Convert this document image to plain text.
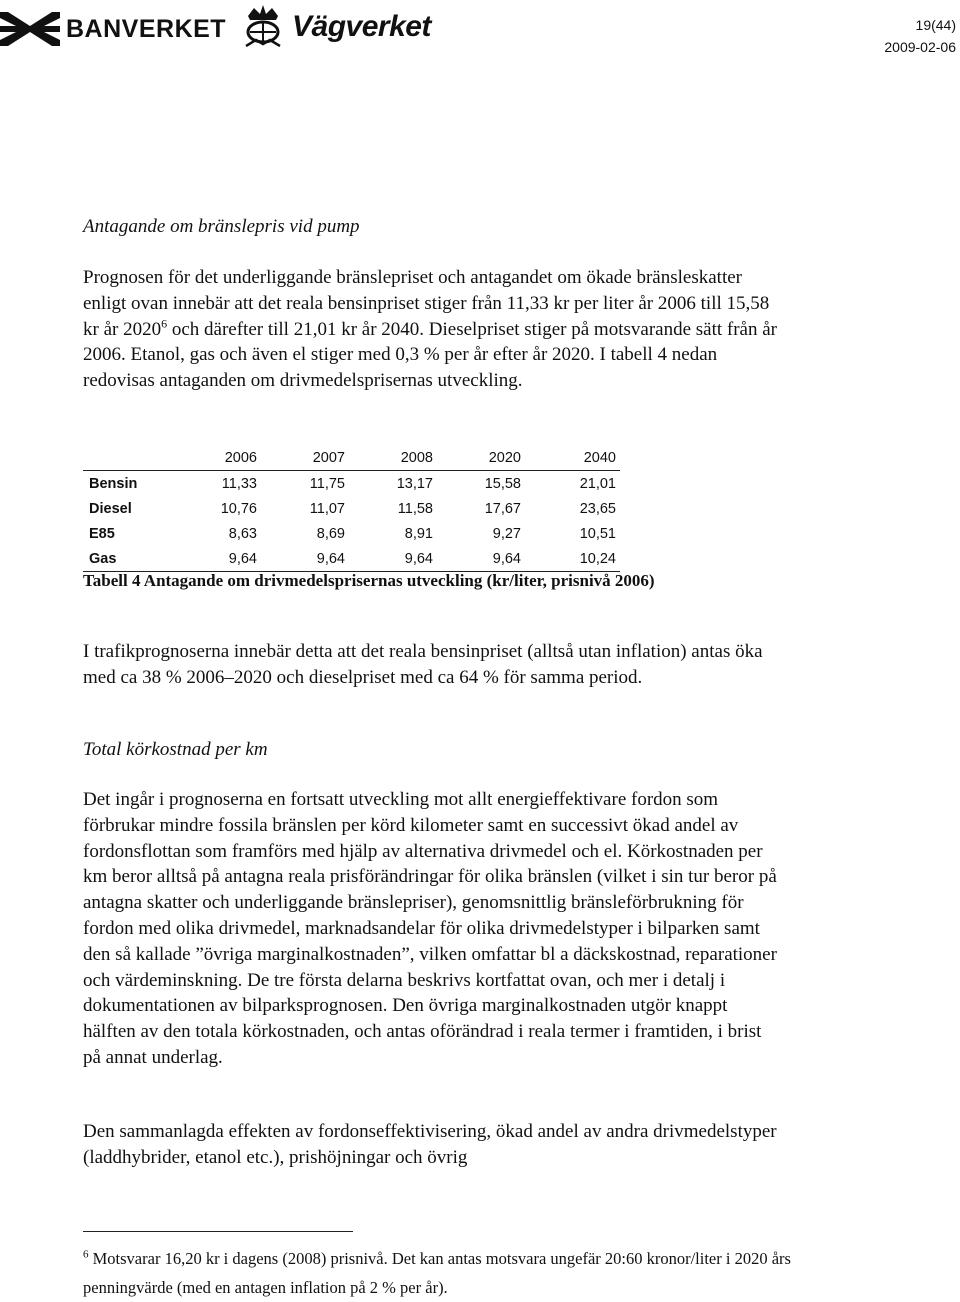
BANVERKET Vägverket	19(44)
2009-02-06
Antagande om bränslepris vid pump

Prognosen för det underliggande bränslepriset och antagandet om ökade bränsleskatter enligt ovan innebär att det reala bensinpriset stiger från 11,33 kr per liter år 2006 till 15,58 kr år 2020$^6$ och därefter till 21,01 kr år 2040. Dieselpriset stiger på motsvarande sätt från år 2006. Etanol, gas och även el stiger med 0,3 % per år efter år 2020. I tabell 4 nedan redovisas antaganden om drivmedelsprisernas utveckling.

	2006	2007	2008	2020	2040
Bensin	11,33	11,75	13,17	15,58	21,01
Diesel	10,76	11,07	11,58	17,67	23,65
E85	8,63	8,69	8,91	9,27	10,51
Gas	9,64	9,64	9,64	9,64	10,24
Tabell 4 Antagande om drivmedelsprisernas utveckling (kr/liter, prisnivå 2006)

I trafikprognoserna innebär detta att det reala bensinpriset (alltså utan inflation) antas öka med ca 38 % 2006–2020 och dieselpriset med ca 64 % för samma period.

Total körkostnad per km

Det ingår i prognoserna en fortsatt utveckling mot allt energieffektivare fordon som förbrukar mindre fossila bränslen per körd kilometer samt en successivt ökad andel av fordonsflottan som framförs med hjälp av alternativa drivmedel och el. Körkostnaden per km beror alltså på antagna reala prisförändringar för olika bränslen (vilket i sin tur beror på antagna skatter och underliggande bränslepriser), genomsnittlig bränsleförbrukning för fordon med olika drivmedel, marknadsandelar för olika drivmedelstyper i bilparken samt den så kallade ”övriga marginalkostnaden”, vilken omfattar bl a däckskostnad, reparationer och värdeminskning. De tre första delarna beskrivs kortfattat ovan, och mer i detalj i dokumentationen av bilparksprognosen. Den övriga marginalkostnaden utgör knappt hälften av den totala körkostnaden, och antas oförändrad i reala termer i framtiden, i brist på annat underlag.

Den sammanlagda effekten av fordonseffektivisering, ökad andel av andra drivmedelstyper (laddhybrider, etanol etc.), prishöjningar och övrig

$^6$ Motsvarar 16,20 kr i dagens (2008) prisnivå. Det kan antas motsvara ungefär 20:60 kronor/liter i 2020 års penningvärde (med en antagen inflation på 2 % per år).
